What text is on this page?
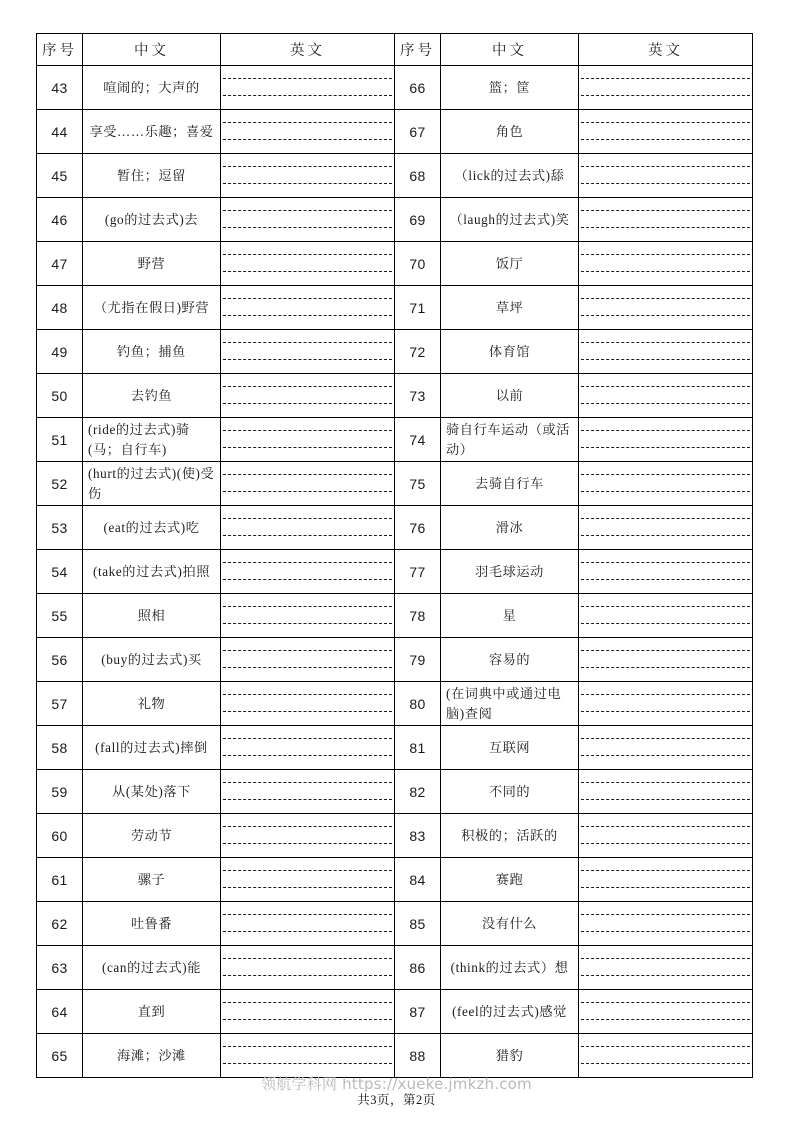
序号	中文	英文	序号	中文	英文
43	喧闹的；大声的		66	篮；筐	

44	享受……乐趣；喜爱		67	角色	

45	暂住；逗留		68	（lick的过去式)舔	

46	(go的过去式)去		69	（laugh的过去式)笑	

47	野营		70	饭厅	

48	（尤指在假日)野营		71	草坪	

49	钓鱼；捕鱼		72	体育馆	

50	去钓鱼		73	以前	

51	(ride的过去式)骑(马；自行车)		74	骑自行车运动（或活动）	

52	(hurt的过去式)(使)受伤		75	去骑自行车	

53	(eat的过去式)吃		76	滑冰	

54	(take的过去式)拍照		77	羽毛球运动	

55	照相		78	星	

56	(buy的过去式)买		79	容易的	

57	礼物		80	(在词典中或通过电脑)查阅	

58	(fall的过去式)摔倒		81	互联网	

59	从(某处)落下		82	不同的	

60	劳动节		83	积极的；活跃的	

61	骡子		84	赛跑	

62	吐鲁番		85	没有什么	

63	(can的过去式)能		86	(think的过去式）想	

64	直到		87	(feel的过去式)感觉	

65	海滩；沙滩		88	猎豹	
领航学科网 https://xueke.jmkzh.com
共3页，第2页
